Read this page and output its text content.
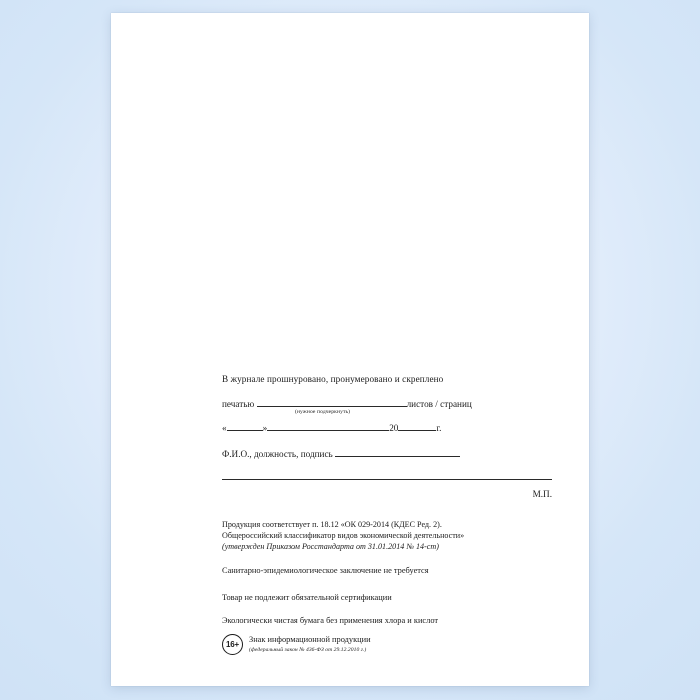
В журнале прошнуровано, пронумеровано и скреплено
печатью	листов / страниц
(нужное подчеркнуть)
«	»	20	г.
Ф.И.О., должность, подпись
М.П.
Продукция соответствует п. 18.12 «ОК 029-2014 (КДЕС Ред. 2).
Общероссийский классификатор видов экономической деятельности»
(утвержден Приказом Росстандарта от 31.01.2014 № 14-ст)
Санитарно-эпидемиологическое заключение не требуется
Товар не подлежит обязательной сертификации
Экологически чистая бумага без применения хлора и кислот
16+
Знак информационной продукции
(федеральный закон № 436-ФЗ от 29.12.2010 г.)
